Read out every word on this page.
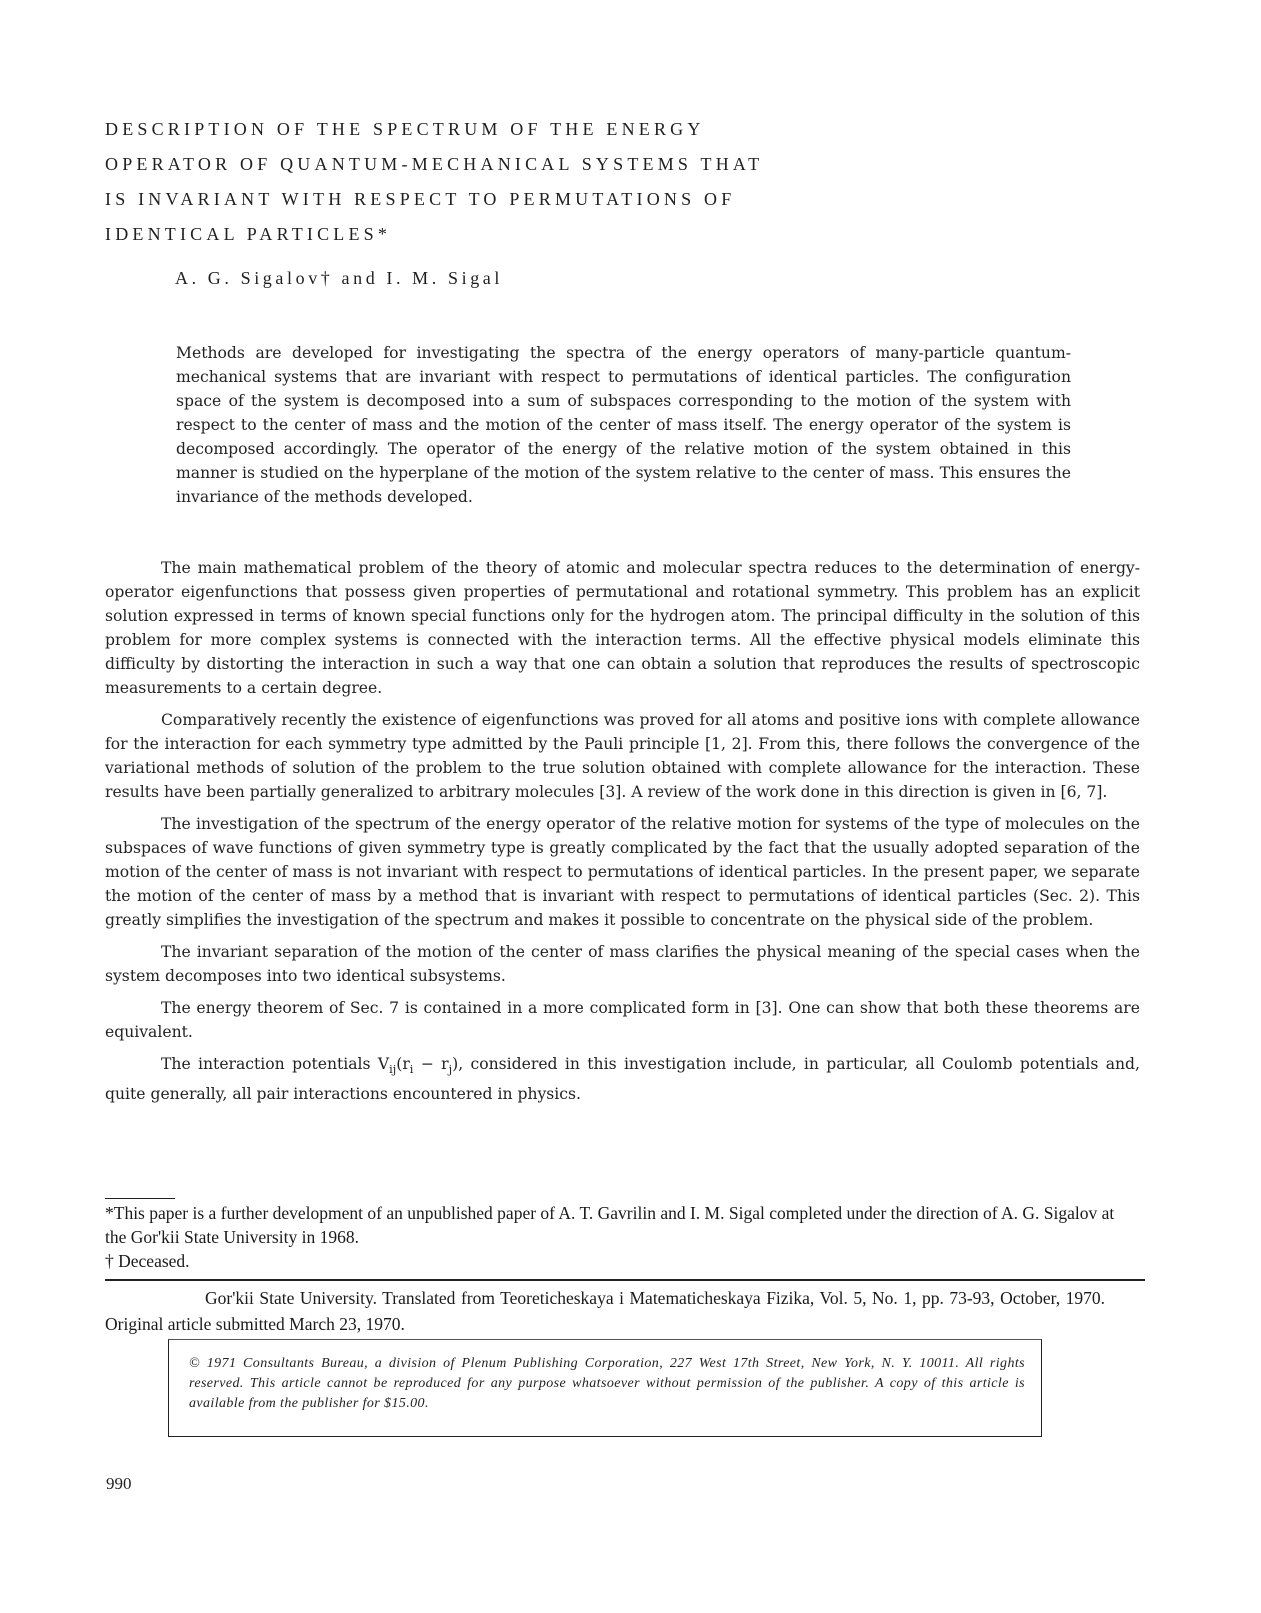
DESCRIPTION OF THE SPECTRUM OF THE ENERGY
OPERATOR OF QUANTUM-MECHANICAL SYSTEMS THAT
IS INVARIANT WITH RESPECT TO PERMUTATIONS OF
IDENTICAL PARTICLES*
A. G. Sigalov† and I. M. Sigal
Methods are developed for investigating the spectra of the energy operators of many-particle quantum-mechanical systems that are invariant with respect to permutations of identical particles. The configuration space of the system is decomposed into a sum of subspaces corresponding to the motion of the system with respect to the center of mass and the motion of the center of mass itself. The energy operator of the system is decomposed accordingly. The operator of the energy of the relative motion of the system obtained in this manner is studied on the hyperplane of the motion of the system relative to the center of mass. This ensures the invariance of the methods developed.

The main mathematical problem of the theory of atomic and molecular spectra reduces to the determination of energy-operator eigenfunctions that possess given properties of permutational and rotational symmetry. This problem has an explicit solution expressed in terms of known special functions only for the hydrogen atom. The principal difficulty in the solution of this problem for more complex systems is connected with the interaction terms. All the effective physical models eliminate this difficulty by distorting the interaction in such a way that one can obtain a solution that reproduces the results of spectroscopic measurements to a certain degree.

Comparatively recently the existence of eigenfunctions was proved for all atoms and positive ions with complete allowance for the interaction for each symmetry type admitted by the Pauli principle [1, 2]. From this, there follows the convergence of the variational methods of solution of the problem to the true solution obtained with complete allowance for the interaction. These results have been partially generalized to arbitrary molecules [3]. A review of the work done in this direction is given in [6, 7].

The investigation of the spectrum of the energy operator of the relative motion for systems of the type of molecules on the subspaces of wave functions of given symmetry type is greatly complicated by the fact that the usually adopted separation of the motion of the center of mass is not invariant with respect to permutations of identical particles. In the present paper, we separate the motion of the center of mass by a method that is invariant with respect to permutations of identical particles (Sec. 2). This greatly simplifies the investigation of the spectrum and makes it possible to concentrate on the physical side of the problem.

The invariant separation of the motion of the center of mass clarifies the physical meaning of the special cases when the system decomposes into two identical subsystems.

The energy theorem of Sec. 7 is contained in a more complicated form in [3]. One can show that both these theorems are equivalent.

The interaction potentials $V_{ij}(r_i - r_j)$, considered in this investigation include, in particular, all Coulomb potentials and, quite generally, all pair interactions encountered in physics.

*This paper is a further development of an unpublished paper of A. T. Gavrilin and I. M. Sigal completed under the direction of A. G. Sigalov at the Gor'kii State University in 1968.
† Deceased.
Gor'kii State University. Translated from Teoreticheskaya i Matematicheskaya Fizika, Vol. 5, No. 1, pp. 73-93, October, 1970. Original article submitted March 23, 1970.
© 1971 Consultants Bureau, a division of Plenum Publishing Corporation, 227 West 17th Street, New York, N. Y. 10011. All rights reserved. This article cannot be reproduced for any purpose whatsoever without permission of the publisher. A copy of this article is available from the publisher for $15.00.
990
